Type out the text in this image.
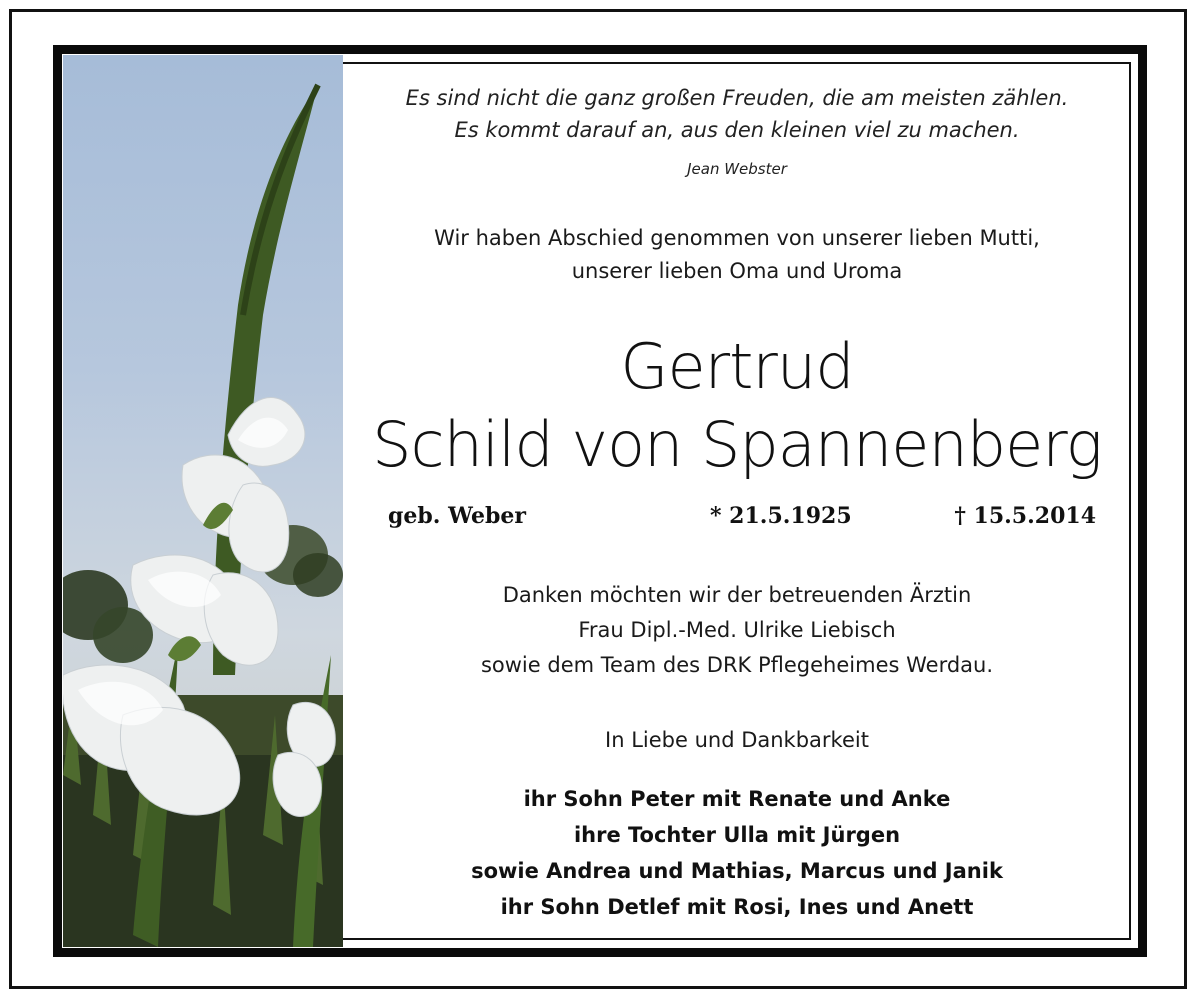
Es sind nicht die ganz großen Freuden, die am meisten zählen.
Es kommt darauf an, aus den kleinen viel zu machen.
Jean Webster
Wir haben Abschied genommen von unserer lieben Mutti,
unserer lieben Oma und Uroma
Gertrud
Schild von Spannenberg
geb. Weber	* 21.5.1925	† 15.5.2014
Danken möchten wir der betreuenden Ärztin
Frau Dipl.-Med. Ulrike Liebisch
sowie dem Team des DRK Pflegeheimes Werdau.
In Liebe und Dankbarkeit
ihr Sohn Peter mit Renate und Anke
ihre Tochter Ulla mit Jürgen
sowie Andrea und Mathias, Marcus und Janik
ihr Sohn Detlef mit Rosi, Ines und Anett
